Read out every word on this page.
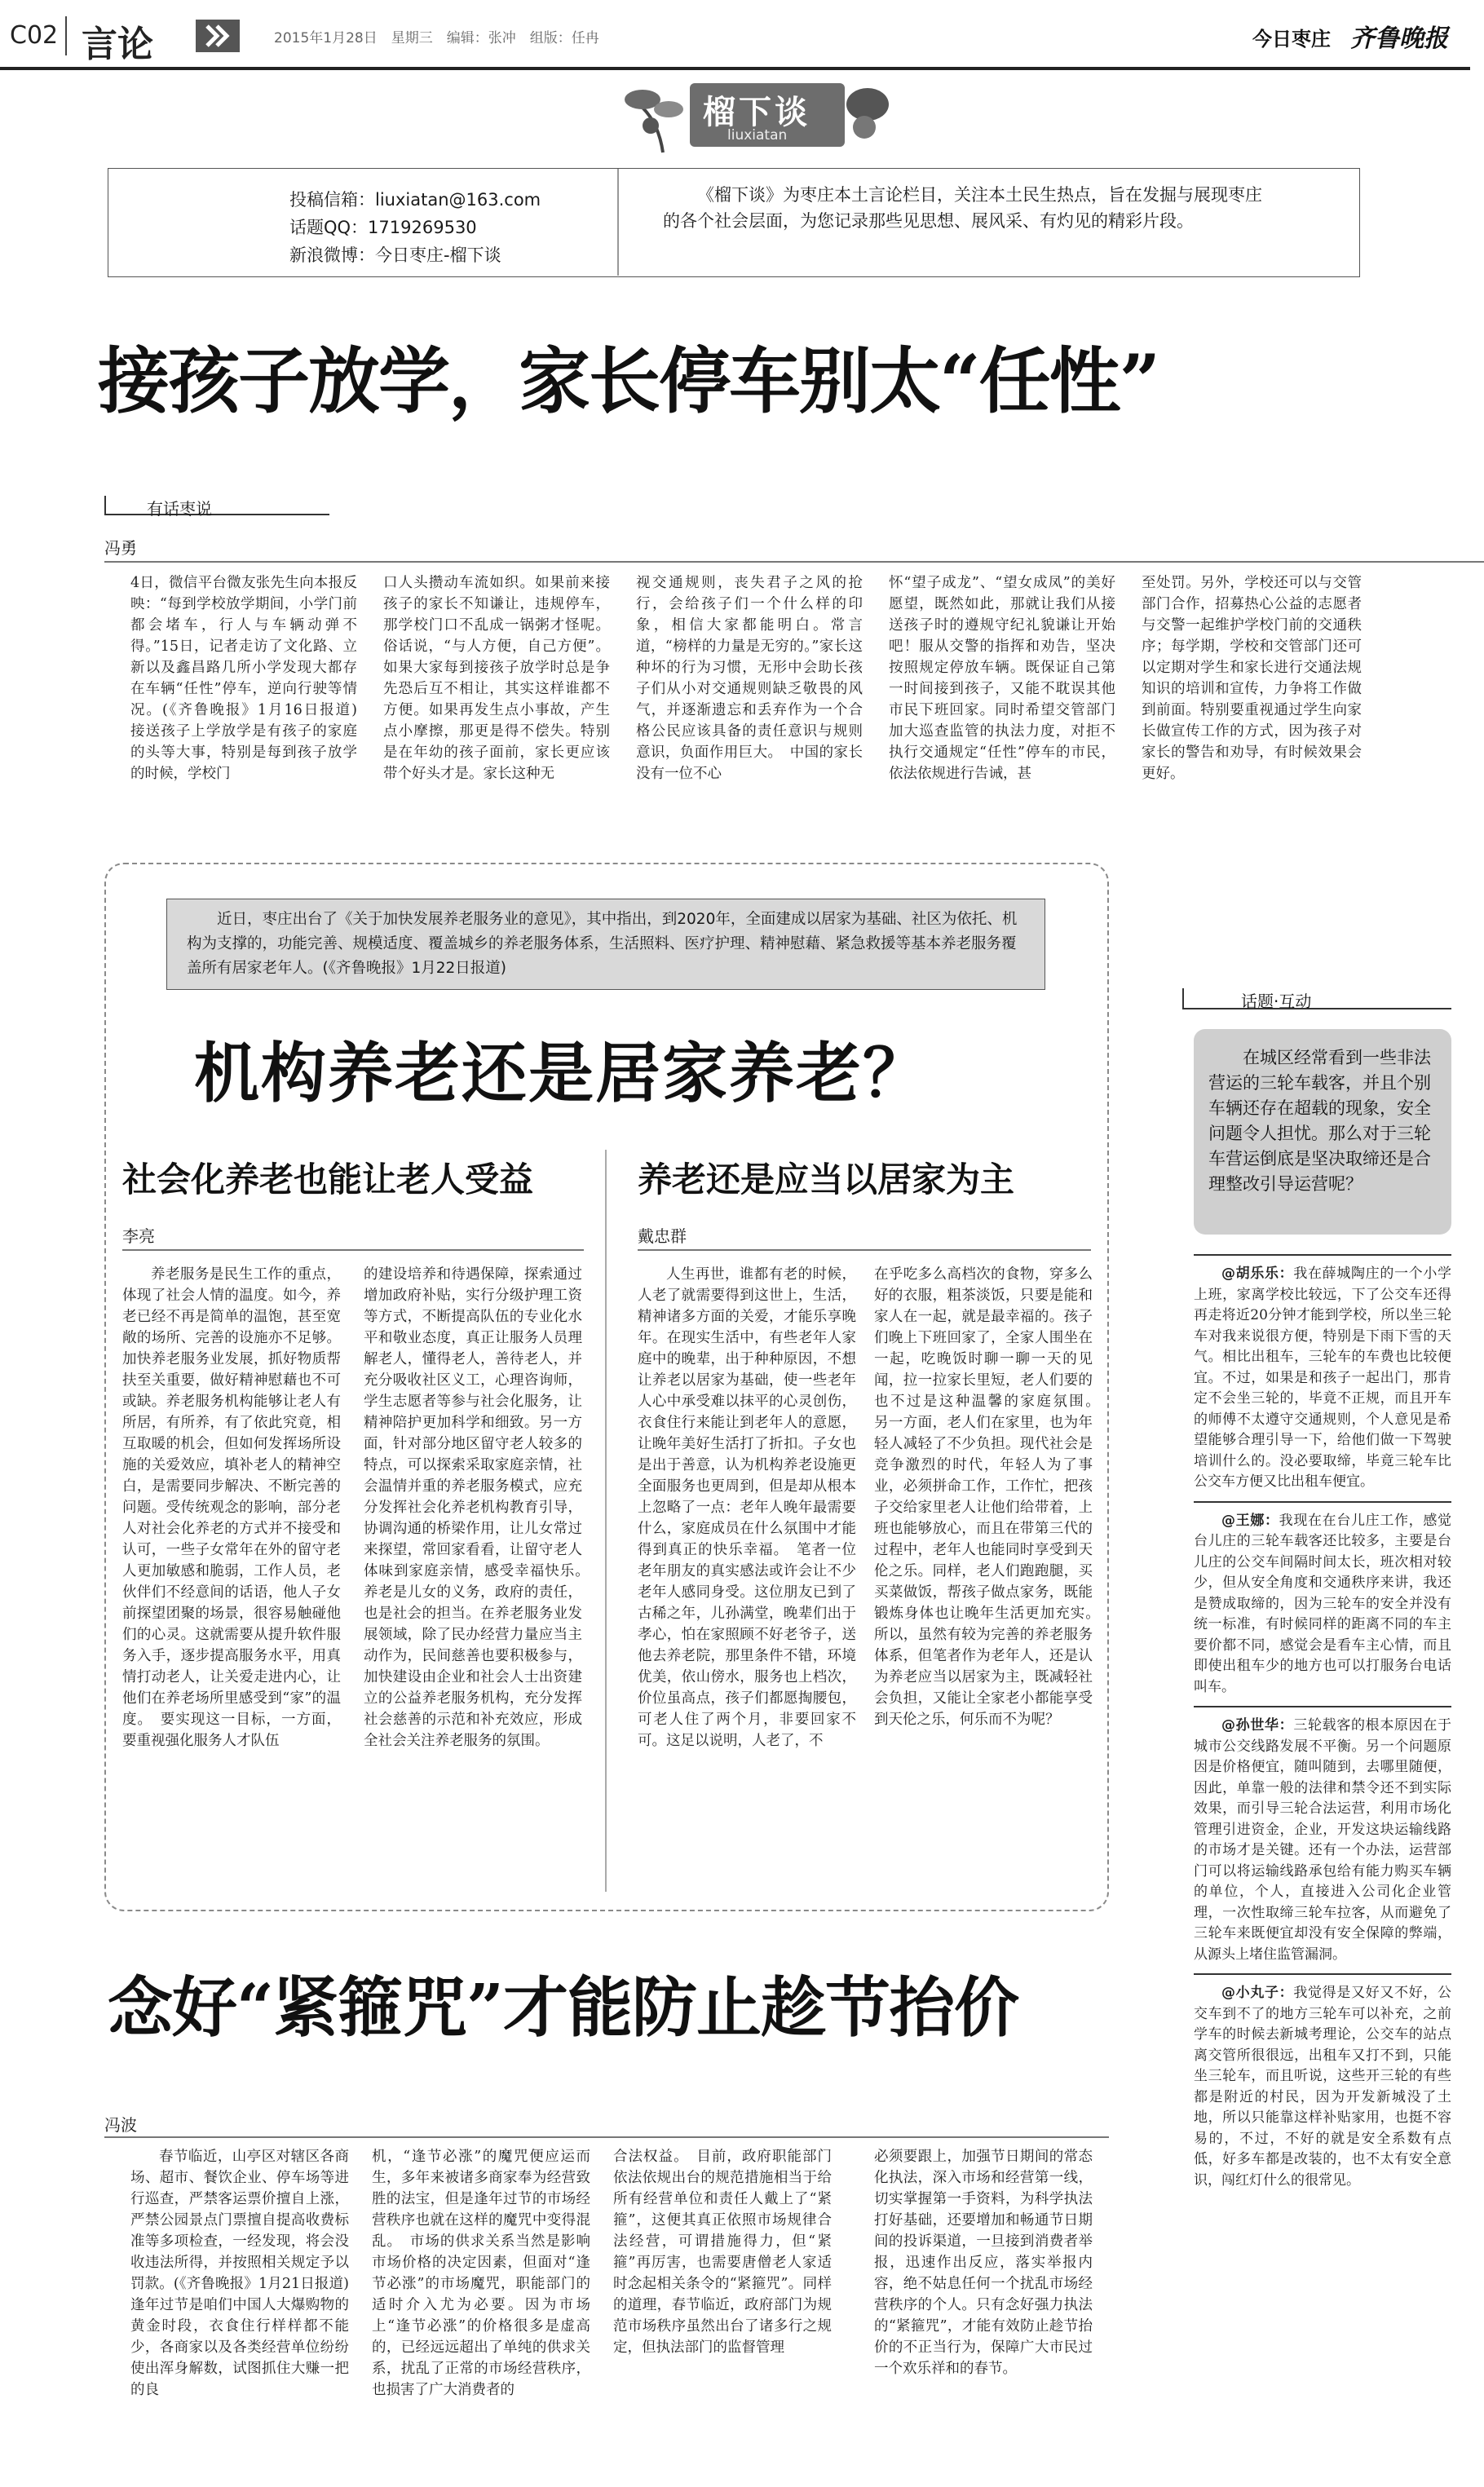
C02 言论	2015年1月28日　星期三　编辑：张冲　组版：任冉	今日枣庄 齐鲁晚报
榴下谈
liuxiatan
投稿信箱：liuxiatan@163.com
话题QQ：1719269530
新浪微博：今日枣庄-榴下谈
《榴下谈》为枣庄本土言论栏目，关注本土民生热点，旨在发掘与展现枣庄的各个社会层面，为您记录那些见思想、展风采、有灼见的精彩片段。
接孩子放学，家长停车别太“任性”
有话枣说
冯勇

4日，微信平台微友张先生向本报反映：“每到学校放学期间，小学门前都会堵车，行人与车辆动弹不得。”15日，记者走访了文化路、立新以及鑫昌路几所小学发现大都存在车辆“任性”停车，逆向行驶等情况。(《齐鲁晚报》1月16日报道)　接送孩子上学放学是有孩子的家庭的头等大事，特别是每到孩子放学的时候，学校门

口人头攒动车流如织。如果前来接孩子的家长不知谦让，违规停车，那学校门口不乱成一锅粥才怪呢。俗话说，“与人方便，自己方便”。如果大家每到接孩子放学时总是争先恐后互不相让，其实这样谁都不方便。如果再发生点小事故，产生点小摩擦，那更是得不偿失。特别是在年幼的孩子面前，家长更应该带个好头才是。家长这种无

视交通规则，丧失君子之风的抢行，会给孩子们一个什么样的印象，相信大家都能明白。常言道，“榜样的力量是无穷的。”家长这种坏的行为习惯，无形中会助长孩子们从小对交通规则缺乏敬畏的风气，并逐渐遗忘和丢弃作为一个合格公民应该具备的责任意识与规则意识，负面作用巨大。　中国的家长没有一位不心

怀“望子成龙”、“望女成凤”的美好愿望，既然如此，那就让我们从接送孩子时的遵规守纪礼貌谦让开始吧！服从交警的指挥和劝告，坚决按照规定停放车辆。既保证自己第一时间接到孩子，又能不耽误其他市民下班回家。同时希望交管部门加大巡查监管的执法力度，对拒不执行交通规定“任性”停车的市民，依法依规进行告诫，甚

至处罚。另外，学校还可以与交管部门合作，招募热心公益的志愿者与交警一起维护学校门前的交通秩序；每学期，学校和交管部门还可以定期对学生和家长进行交通法规知识的培训和宣传，力争将工作做到前面。特别要重视通过学生向家长做宣传工作的方式，因为孩子对家长的警告和劝导，有时候效果会更好。

近日，枣庄出台了《关于加快发展养老服务业的意见》，其中指出，到2020年，全面建成以居家为基础、社区为依托、机构为支撑的，功能完善、规模适度、覆盖城乡的养老服务体系，生活照料、医疗护理、精神慰藉、紧急救援等基本养老服务覆盖所有居家老年人。(《齐鲁晚报》1月22日报道)
机构养老还是居家养老？
社会化养老也能让老人受益
李亮

养老服务是民生工作的重点，体现了社会人情的温度。如今，养老已经不再是简单的温饱，甚至宽敞的场所、完善的设施亦不足够。加快养老服务业发展，抓好物质帮扶至关重要，做好精神慰藉也不可或缺。养老服务机构能够让老人有所居，有所养，有了依此究竟，相互取暖的机会，但如何发挥场所设施的关爱效应，填补老人的精神空白，是需要同步解决、不断完善的问题。受传统观念的影响，部分老人对社会化养老的方式并不接受和认可，一些子女常年在外的留守老人更加敏感和脆弱，工作人员，老伙伴们不经意间的话语，他人子女前探望团聚的场景，很容易触碰他们的心灵。这就需要从提升软件服务入手，逐步提高服务水平，用真情打动老人，让关爱走进内心，让他们在养老场所里感受到“家”的温度。　要实现这一目标，一方面，要重视强化服务人才队伍

的建设培养和待遇保障，探索通过增加政府补贴，实行分级护理工资等方式，不断提高队伍的专业化水平和敬业态度，真正让服务人员理解老人，懂得老人，善待老人，并充分吸收社区义工，心理咨询师，学生志愿者等参与社会化服务，让精神陪护更加科学和细致。另一方面，针对部分地区留守老人较多的特点，可以探索采取家庭亲情，社会温情并重的养老服务模式，应充分发挥社会化养老机构教育引导，协调沟通的桥梁作用，让儿女常过来探望，常回家看看，让留守老人体味到家庭亲情，感受幸福快乐。　养老是儿女的义务，政府的责任，也是社会的担当。在养老服务业发展领域，除了民办经营力量应当主动作为，民间慈善也要积极参与，加快建设由企业和社会人士出资建立的公益养老服务机构，充分发挥社会慈善的示范和补充效应，形成全社会关注养老服务的氛围。

养老还是应当以居家为主
戴忠群

人生再世，谁都有老的时候，人老了就需要得到这世上，生活，精神诸多方面的关爱，才能乐享晚年。在现实生活中，有些老年人家庭中的晚辈，出于种种原因，不想让养老以居家为基础，使一些老年人心中承受难以抹平的心灵创伤，衣食住行来能让到老年人的意愿，让晚年美好生活打了折扣。子女也是出于善意，认为机构养老设施更全面服务也更周到，但是却从根本上忽略了一点：老年人晚年最需要什么，家庭成员在什么氛围中才能得到真正的快乐幸福。　笔者一位老年朋友的真实感法或许会让不少老年人感同身受。这位朋友已到了古稀之年，儿孙满堂，晚辈们出于孝心，怕在家照顾不好老爷子，送他去养老院，那里条件不错，环境优美，依山傍水，服务也上档次，价位虽高点，孩子们都愿掏腰包，可老人住了两个月，非要回家不可。这足以说明，人老了，不

在乎吃多么高档次的食物，穿多么好的衣服，粗茶淡饭，只要是能和家人在一起，就是最幸福的。孩子们晚上下班回家了，全家人围坐在一起，吃晚饭时聊一聊一天的见闻，拉一拉家长里短，老人们要的也不过是这种温馨的家庭氛围。　另一方面，老人们在家里，也为年轻人减轻了不少负担。现代社会是竞争激烈的时代，年轻人为了事业，必须拼命工作，工作忙，把孩子交给家里老人让他们给带着，上班也能够放心，而且在带第三代的过程中，老年人也能同时享受到天伦之乐。同样，老人们跑跑腿，买买菜做饭，帮孩子做点家务，既能锻炼身体也让晚年生活更加充实。　所以，虽然有较为完善的养老服务体系，但笔者作为老年人，还是认为养老应当以居家为主，既减轻社会负担，又能让全家老小都能享受到天伦之乐，何乐而不为呢？

念好“紧箍咒”才能防止趁节抬价
冯波

春节临近，山亭区对辖区各商场、超市、餐饮企业、停车场等进行巡查，严禁客运票价擅自上涨，严禁公园景点门票擅自提高收费标准等多项检查，一经发现，将会没收违法所得，并按照相关规定予以罚款。(《齐鲁晚报》1月21日报道)　逢年过节是咱们中国人大爆购物的黄金时段，衣食住行样样都不能少，各商家以及各类经营单位纷纷使出浑身解数，试图抓住大赚一把的良

机，“逢节必涨”的魔咒便应运而生，多年来被诸多商家奉为经营致胜的法宝，但是逢年过节的市场经营秩序也就在这样的魔咒中变得混乱。　市场的供求关系当然是影响市场价格的决定因素，但面对“逢节必涨”的市场魔咒，职能部门的适时介入尤为必要。因为市场上“逢节必涨”的价格很多是虚高的，已经远远超出了单纯的供求关系，扰乱了正常的市场经营秩序，也损害了广大消费者的

合法权益。　目前，政府职能部门依法依规出台的规范措施相当于给所有经营单位和责任人戴上了“紧箍”，这便其真正依照市场规律合法经营，可谓措施得力，但“紧箍”再厉害，也需要唐僧老人家适时念起相关条令的“紧箍咒”。同样的道理，春节临近，政府部门为规范市场秩序虽然出台了诸多行之规定，但执法部门的监督管理

必须要跟上，加强节日期间的常态化执法，深入市场和经营第一线，切实掌握第一手资料，为科学执法打好基础，还要增加和畅通节日期间的投诉渠道，一旦接到消费者举报，迅速作出反应，落实举报内容，绝不姑息任何一个扰乱市场经营秩序的个人。只有念好强力执法的“紧箍咒”，才能有效防止趁节抬价的不正当行为，保障广大市民过一个欢乐祥和的春节。

话题·互动
在城区经常看到一些非法营运的三轮车载客，并且个别车辆还存在超载的现象，安全问题令人担忧。那么对于三轮车营运倒底是坚决取缔还是合理整改引导运营呢？
@胡乐乐：我在薛城陶庄的一个小学上班，家离学校比较远，下了公交车还得再走将近20分钟才能到学校，所以坐三轮车对我来说很方便，特别是下雨下雪的天气。相比出租车，三轮车的车费也比较便宜。不过，如果是和孩子一起出门，那肯定不会坐三轮的，毕竟不正规，而且开车的师傅不太遵守交通规则，个人意见是希望能够合理引导一下，给他们做一下驾驶培训什么的。没必要取缔，毕竟三轮车比公交车方便又比出租车便宜。
@王娜：我现在在台儿庄工作，感觉台儿庄的三轮车载客还比较多，主要是台儿庄的公交车间隔时间太长，班次相对较少，但从安全角度和交通秩序来讲，我还是赞成取缔的，因为三轮车的安全并没有统一标准，有时候同样的距离不同的车主要价都不同，感觉会是看车主心情，而且即使出租车少的地方也可以打服务台电话叫车。
@孙世华：三轮载客的根本原因在于城市公交线路发展不平衡。另一个问题原因是价格便宜，随叫随到，去哪里随便，因此，单靠一般的法律和禁令还不到实际效果，而引导三轮合法运营，利用市场化管理引进资金，企业，开发这块运输线路的市场才是关键。还有一个办法，运营部门可以将运输线路承包给有能力购买车辆的单位，个人，直接进入公司化企业管理，一次性取缔三轮车拉客，从而避免了三轮车来既便宜却没有安全保障的弊端，从源头上堵住监管漏洞。
@小丸子：我觉得是又好又不好，公交车到不了的地方三轮车可以补充，之前学车的时候去新城考理论，公交车的站点离交管所很很远，出租车又打不到，只能坐三轮车，而且听说，这些开三轮的有些都是附近的村民，因为开发新城没了土地，所以只能靠这样补贴家用，也挺不容易的，不过，不好的就是安全系数有点低，好多车都是改装的，也不太有安全意识，闯红灯什么的很常见。
